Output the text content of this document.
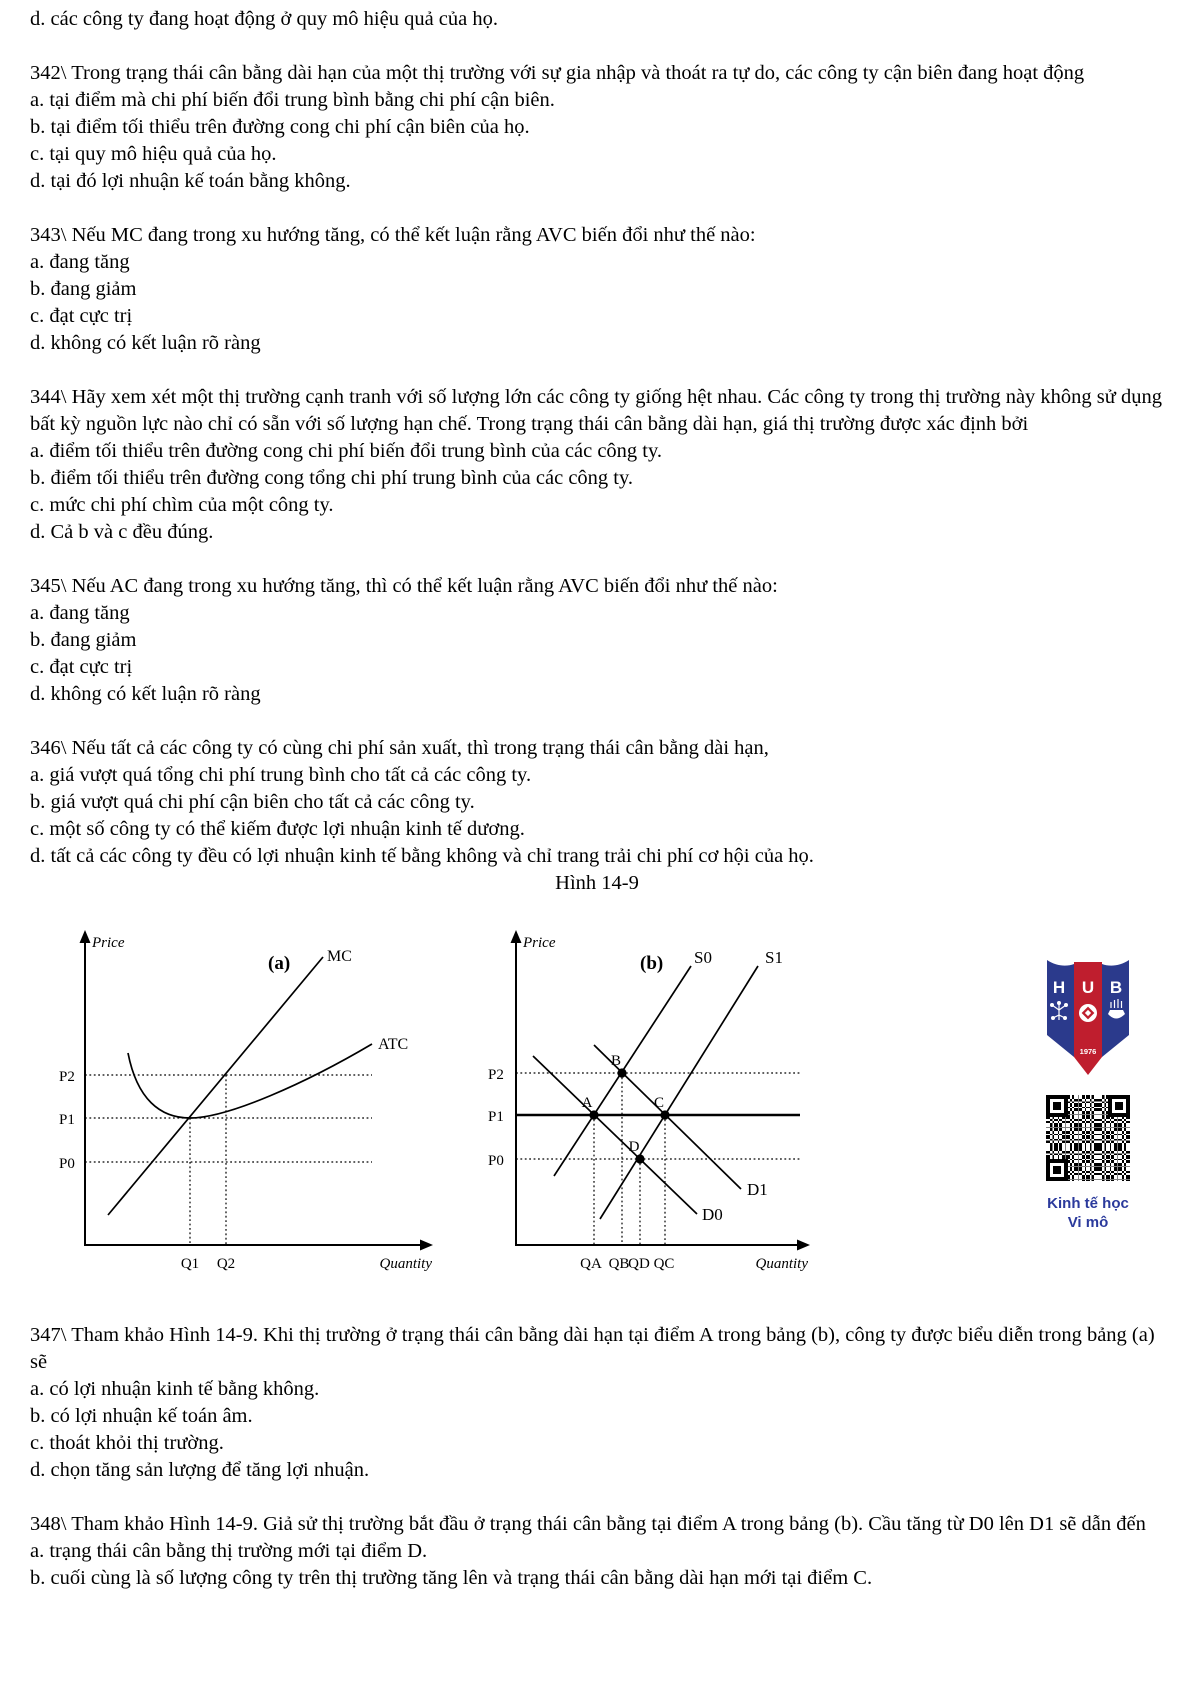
d. các công ty đang hoạt động ở quy mô hiệu quả của họ.
342\ Trong trạng thái cân bằng dài hạn của một thị trường với sự gia nhập và thoát ra tự do, các công ty cận biên đang hoạt động
a. tại điểm mà chi phí biến đổi trung bình bằng chi phí cận biên.
b. tại điểm tối thiểu trên đường cong chi phí cận biên của họ.
c. tại quy mô hiệu quả của họ.
d. tại đó lợi nhuận kế toán bằng không.
343\ Nếu MC đang trong xu hướng tăng, có thể kết luận rằng AVC biến đổi như thế nào:
a. đang tăng
b. đang giảm
c. đạt cực trị
d. không có kết luận rõ ràng
344\ Hãy xem xét một thị trường cạnh tranh với số lượng lớn các công ty giống hệt nhau. Các công ty trong thị trường này không sử dụng bất kỳ nguồn lực nào chỉ có sẵn với số lượng hạn chế. Trong trạng thái cân bằng dài hạn, giá thị trường được xác định bởi
a. điểm tối thiểu trên đường cong chi phí biến đổi trung bình của các công ty.
b. điểm tối thiểu trên đường cong tổng chi phí trung bình của các công ty.
c. mức chi phí chìm của một công ty.
d. Cả b và c đều đúng.
345\ Nếu AC đang trong xu hướng tăng, thì có thể kết luận rằng AVC biến đổi như thế nào:
a. đang tăng
b. đang giảm
c. đạt cực trị
d. không có kết luận rõ ràng
346\ Nếu tất cả các công ty có cùng chi phí sản xuất, thì trong trạng thái cân bằng dài hạn,
a. giá vượt quá tổng chi phí trung bình cho tất cả các công ty.
b. giá vượt quá chi phí cận biên cho tất cả các công ty.
c. một số công ty có thể kiếm được lợi nhuận kinh tế dương.
d. tất cả các công ty đều có lợi nhuận kinh tế bằng không và chỉ trang trải chi phí cơ hội của họ.
Hình 14-9
Price
(a) MC
ATC
P2
P1
P0
Q1 Q2	Quantity
Price
(b) S0	S1
D1
D0
A
B
C
D
P2
P1
P0
QA QB
QD QC	Quantity
H U B
1976
Kinh tế học
Vi mô
347\ Tham khảo Hình 14-9. Khi thị trường ở trạng thái cân bằng dài hạn tại điểm A trong bảng (b), công ty được biểu diễn trong bảng (a) sẽ
a. có lợi nhuận kinh tế bằng không.
b. có lợi nhuận kế toán âm.
c. thoát khỏi thị trường.
d. chọn tăng sản lượng để tăng lợi nhuận.
348\ Tham khảo Hình 14-9. Giả sử thị trường bắt đầu ở trạng thái cân bằng tại điểm A trong bảng (b). Cầu tăng từ D0 lên D1 sẽ dẫn đến
a. trạng thái cân bằng thị trường mới tại điểm D.
b. cuối cùng là số lượng công ty trên thị trường tăng lên và trạng thái cân bằng dài hạn mới tại điểm C.
